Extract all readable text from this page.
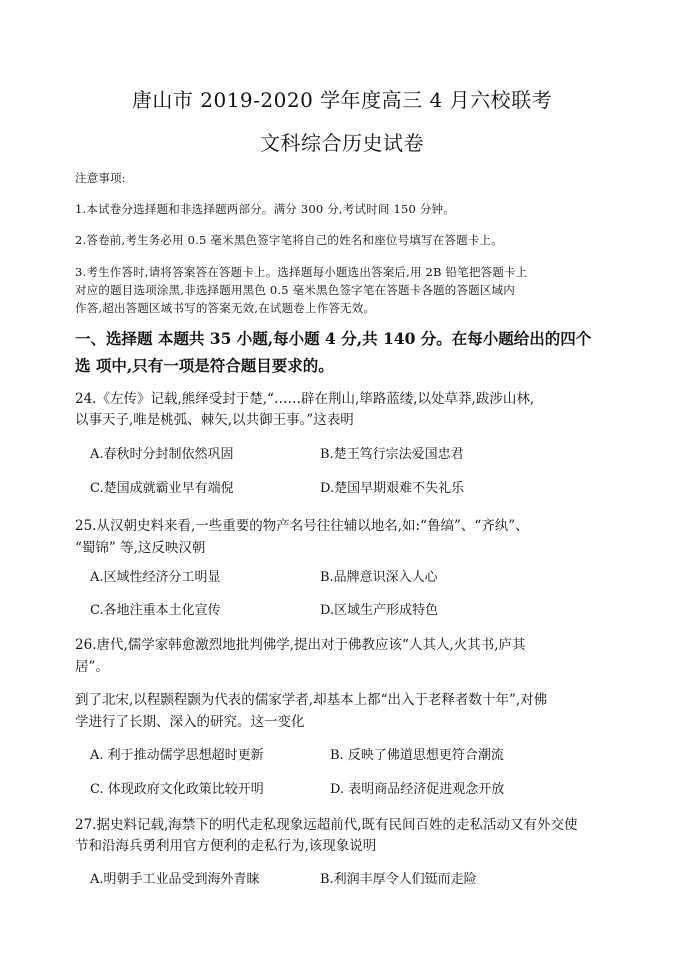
唐山市 2019-2020 学年度高三 4 月六校联考
文科综合历史试卷
注意事项:
1.本试卷分选择题和非选择题两部分。满分 300 分,考试时间 150 分钟。
2.答卷前,考生务必用 0.5 毫米黑色签字笔将自己的姓名和座位号填写在答题卡上。
3.考生作答时,请将答案答在答题卡上。选择题每小题选出答案后,用 2B 铅笔把答题卡上
对应的题目选项涂黑,非选择题用黑色 0.5 毫米黑色签字笔在答题卡各题的答题区域内
作答,超出答题区域书写的答案无效,在试题卷上作答无效。
一、选择题 本题共 35 小题,每小题 4 分,共 140 分。在每小题给出的四个
选 项中,只有一项是符合题目要求的。
24.《左传》记载,熊绎受封于楚,“……辟在荆山,筚路蓝缕,以处草莽,跋涉山林,
以事天子,唯是桃弧、棘矢,以共御王事。”这表明
A.春秋时分封制依然巩固	B.楚王笃行宗法爱国忠君
C.楚国成就霸业早有端倪	D.楚国早期艰难不失礼乐
25.从汉朝史料来看,一些重要的物产名号往往辅以地名,如:“鲁缟”、“齐纨”、
“蜀锦” 等,这反映汉朝
A.区域性经济分工明显	B.品牌意识深入人心
C.各地注重本土化宣传	D.区域生产形成特色
26.唐代,儒学家韩愈激烈地批判佛学,提出对于佛教应该“人其人,火其书,庐其
居”。
到了北宋,以程颢程颢为代表的儒家学者,却基本上都“出入于老释者数十年”,对佛
学进行了长期、深入的研究。这一变化
A. 利于推动儒学思想超时更新	B. 反映了佛道思想更符合潮流
C. 体现政府文化政策比较开明	D. 表明商品经济促进观念开放
27.据史料记载,海禁下的明代走私现象远超前代,既有民间百姓的走私活动又有外交使
节和沿海兵勇利用官方便利的走私行为,该现象说明
A.明朝手工业品受到海外青睐	B.利润丰厚令人们铤而走险
